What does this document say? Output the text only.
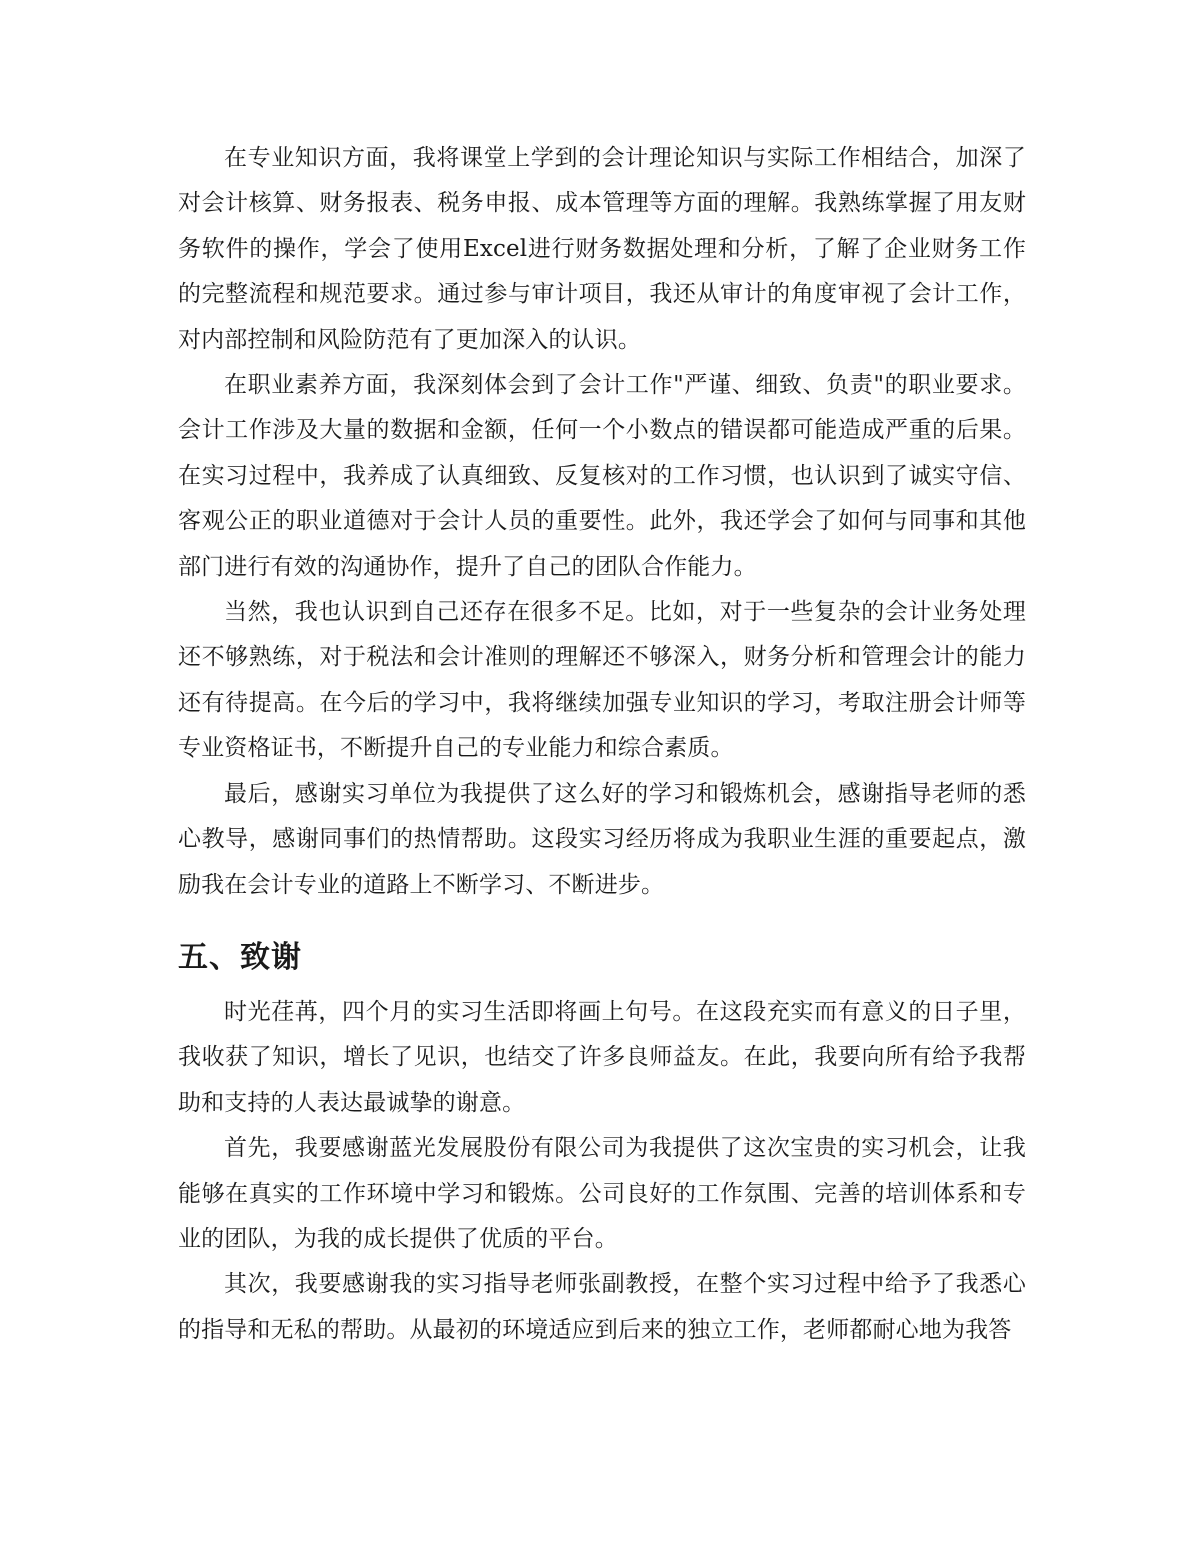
在专业知识方面，我将课堂上学到的会计理论知识与实际工作相结合，加深了对会计核算、财务报表、税务申报、成本管理等方面的理解。我熟练掌握了用友财务软件的操作，学会了使用Excel进行财务数据处理和分析，了解了企业财务工作的完整流程和规范要求。通过参与审计项目，我还从审计的角度审视了会计工作，对内部控制和风险防范有了更加深入的认识。

在职业素养方面，我深刻体会到了会计工作"严谨、细致、负责"的职业要求。会计工作涉及大量的数据和金额，任何一个小数点的错误都可能造成严重的后果。在实习过程中，我养成了认真细致、反复核对的工作习惯，也认识到了诚实守信、客观公正的职业道德对于会计人员的重要性。此外，我还学会了如何与同事和其他部门进行有效的沟通协作，提升了自己的团队合作能力。

当然，我也认识到自己还存在很多不足。比如，对于一些复杂的会计业务处理还不够熟练，对于税法和会计准则的理解还不够深入，财务分析和管理会计的能力还有待提高。在今后的学习中，我将继续加强专业知识的学习，考取注册会计师等专业资格证书，不断提升自己的专业能力和综合素质。

最后，感谢实习单位为我提供了这么好的学习和锻炼机会，感谢指导老师的悉心教导，感谢同事们的热情帮助。这段实习经历将成为我职业生涯的重要起点，激励我在会计专业的道路上不断学习、不断进步。

五、致谢

时光荏苒，四个月的实习生活即将画上句号。在这段充实而有意义的日子里，我收获了知识，增长了见识，也结交了许多良师益友。在此，我要向所有给予我帮助和支持的人表达最诚挚的谢意。

首先，我要感谢蓝光发展股份有限公司为我提供了这次宝贵的实习机会，让我能够在真实的工作环境中学习和锻炼。公司良好的工作氛围、完善的培训体系和专业的团队，为我的成长提供了优质的平台。

其次，我要感谢我的实习指导老师张副教授，在整个实习过程中给予了我悉心的指导和无私的帮助。从最初的环境适应到后来的独立工作，老师都耐心地为我答
